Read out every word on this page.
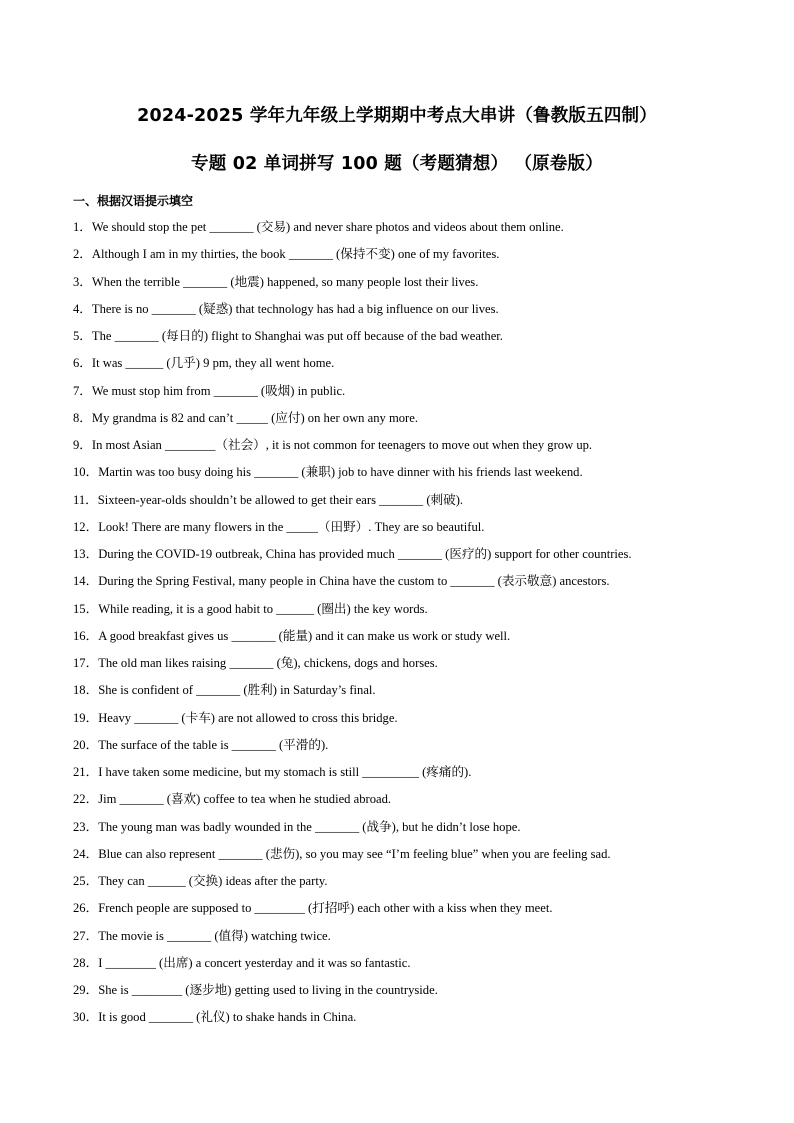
2024-2025 学年九年级上学期期中考点大串讲（鲁教版五四制）
专题 02 单词拼写 100 题（考题猜想） （原卷版）
一、根据汉语提示填空
1．We should stop the pet _______ (交易) and never share photos and videos about them online.
2．Although I am in my thirties, the book _______ (保持不变) one of my favorites.
3．When the terrible _______ (地震) happened, so many people lost their lives.
4．There is no _______ (疑惑) that technology has had a big influence on our lives.
5．The _______ (每日的) flight to Shanghai was put off because of the bad weather.
6．It was ______ (几乎) 9 pm, they all went home.
7．We must stop him from _______ (吸烟) in public.
8．My grandma is 82 and can’t _____ (应付) on her own any more.
9．In most Asian ________（社会）, it is not common for teenagers to move out when they grow up.
10．Martin was too busy doing his _______ (兼职) job to have dinner with his friends last weekend.
11．Sixteen-year-olds shouldn’t be allowed to get their ears _______ (刺破).
12．Look! There are many flowers in the _____（田野）. They are so beautiful.
13．During the COVID-19 outbreak, China has provided much _______ (医疗的) support for other countries.
14．During the Spring Festival, many people in China have the custom to _______ (表示敬意) ancestors.
15．While reading, it is a good habit to ______ (圈出) the key words.
16．A good breakfast gives us _______ (能量) and it can make us work or study well.
17．The old man likes raising _______ (兔), chickens, dogs and horses.
18．She is confident of _______ (胜利) in Saturday’s final.
19．Heavy _______ (卡车) are not allowed to cross this bridge.
20．The surface of the table is _______ (平滑的).
21．I have taken some medicine, but my stomach is still _________ (疼痛的).
22．Jim _______ (喜欢) coffee to tea when he studied abroad.
23．The young man was badly wounded in the _______ (战争), but he didn’t lose hope.
24．Blue can also represent _______ (悲伤), so you may see “I’m feeling blue” when you are feeling sad.
25．They can ______ (交换) ideas after the party.
26．French people are supposed to ________ (打招呼) each other with a kiss when they meet.
27．The movie is _______ (值得) watching twice.
28．I ________ (出席) a concert yesterday and it was so fantastic.
29．She is ________ (逐步地) getting used to living in the countryside.
30．It is good _______ (礼仪) to shake hands in China.
